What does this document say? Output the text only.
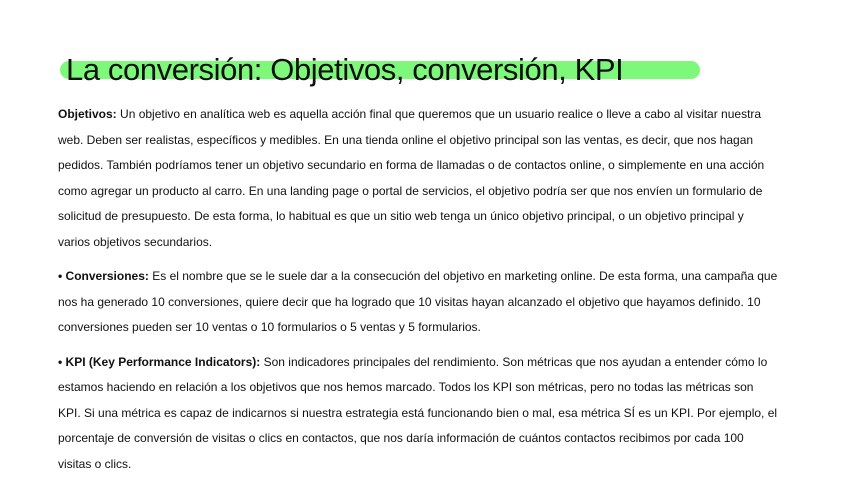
La conversión: Objetivos, conversión, KPI

Objetivos: Un objetivo en analítica web es aquella acción final que queremos que un usuario realice o lleve a cabo al visitar nuestra web. Deben ser realistas, específicos y medibles. En una tienda online el objetivo principal son las ventas, es decir, que nos hagan pedidos. También podríamos tener un objetivo secundario en forma de llamadas o de contactos online, o simplemente en una acción como agregar un producto al carro. En una landing page o portal de servicios, el objetivo podría ser que nos envíen un formulario de solicitud de presupuesto. De esta forma, lo habitual es que un sitio web tenga un único objetivo principal, o un objetivo principal y varios objetivos secundarios.

• Conversiones: Es el nombre que se le suele dar a la consecución del objetivo en marketing online. De esta forma, una campaña que nos ha generado 10 conversiones, quiere decir que ha logrado que 10 visitas hayan alcanzado el objetivo que hayamos definido. 10 conversiones pueden ser 10 ventas o 10 formularios o 5 ventas y 5 formularios.

• KPI (Key Performance Indicators): Son indicadores principales del rendimiento. Son métricas que nos ayudan a entender cómo lo estamos haciendo en relación a los objetivos que nos hemos marcado. Todos los KPI son métricas, pero no todas las métricas son KPI. Si una métrica es capaz de indicarnos si nuestra estrategia está funcionando bien o mal, esa métrica SÍ es un KPI. Por ejemplo, el porcentaje de conversión de visitas o clics en contactos, que nos daría información de cuántos contactos recibimos por cada 100 visitas o clics.
